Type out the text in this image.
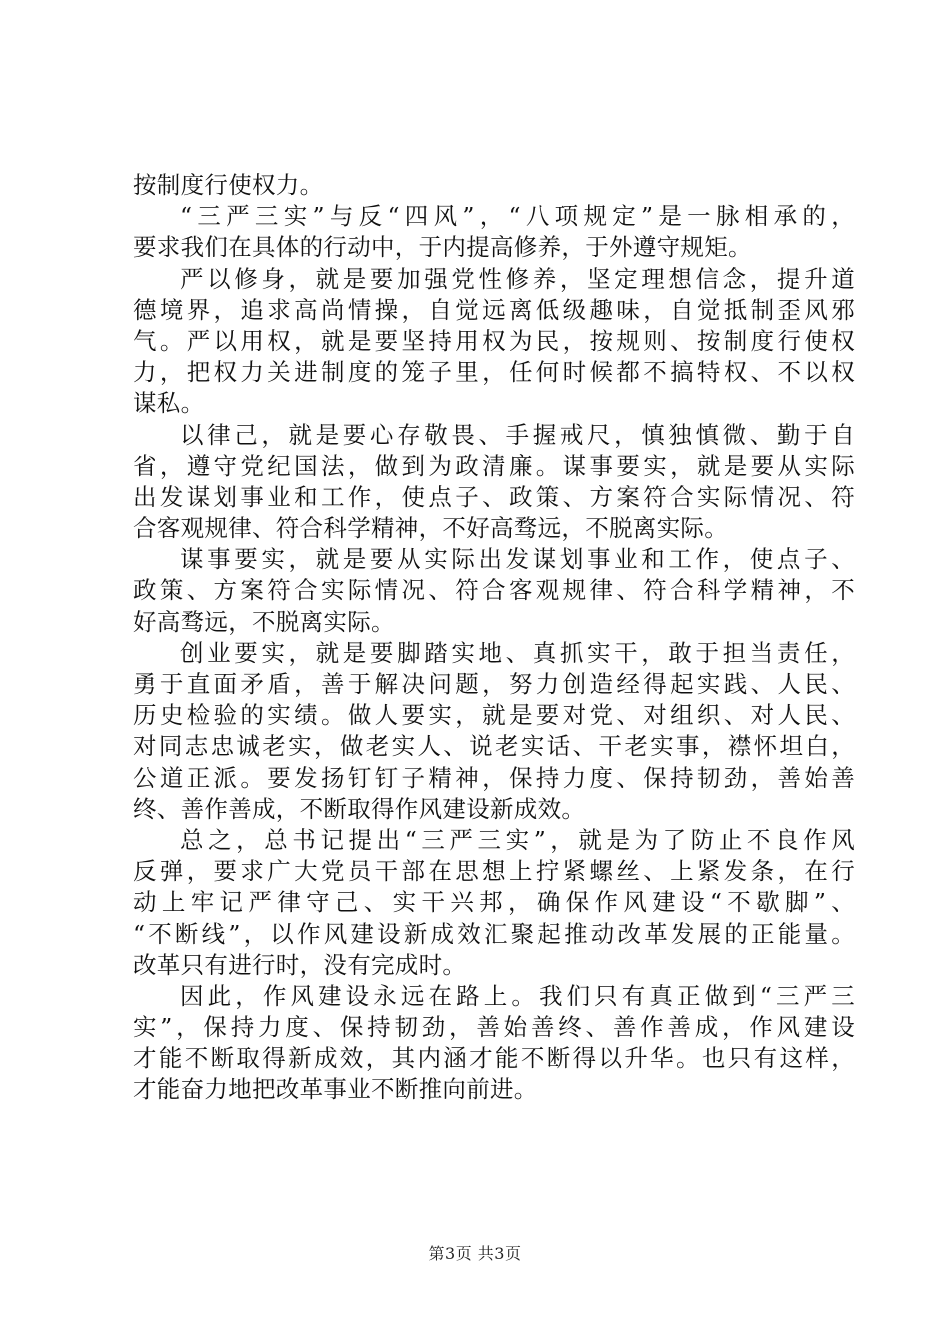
按制度行使权力。
“三严三实”与反“四风”，“八项规定”是一脉相承的，
要求我们在具体的行动中，于内提高修养，于外遵守规矩。
严以修身，就是要加强党性修养，坚定理想信念，提升道
德境界，追求高尚情操，自觉远离低级趣味，自觉抵制歪风邪
气。严以用权，就是要坚持用权为民，按规则、按制度行使权
力，把权力关进制度的笼子里，任何时候都不搞特权、不以权
谋私。
以律己，就是要心存敬畏、手握戒尺，慎独慎微、勤于自
省，遵守党纪国法，做到为政清廉。谋事要实，就是要从实际
出发谋划事业和工作，使点子、政策、方案符合实际情况、符
合客观规律、符合科学精神，不好高骛远，不脱离实际。
谋事要实，就是要从实际出发谋划事业和工作，使点子、
政策、方案符合实际情况、符合客观规律、符合科学精神，不
好高骛远，不脱离实际。
创业要实，就是要脚踏实地、真抓实干，敢于担当责任，
勇于直面矛盾，善于解决问题，努力创造经得起实践、人民、
历史检验的实绩。做人要实，就是要对党、对组织、对人民、
对同志忠诚老实，做老实人、说老实话、干老实事，襟怀坦白，
公道正派。要发扬钉钉子精神，保持力度、保持韧劲，善始善
终、善作善成，不断取得作风建设新成效。
总之，总书记提出“三严三实”，就是为了防止不良作风
反弹，要求广大党员干部在思想上拧紧螺丝、上紧发条，在行
动上牢记严律守己、实干兴邦，确保作风建设“不歇脚”、
“不断线”，以作风建设新成效汇聚起推动改革发展的正能量。
改革只有进行时，没有完成时。
因此，作风建设永远在路上。我们只有真正做到“三严三
实”，保持力度、保持韧劲，善始善终、善作善成，作风建设
才能不断取得新成效，其内涵才能不断得以升华。也只有这样，
才能奋力地把改革事业不断推向前进。
第3页 共3页
